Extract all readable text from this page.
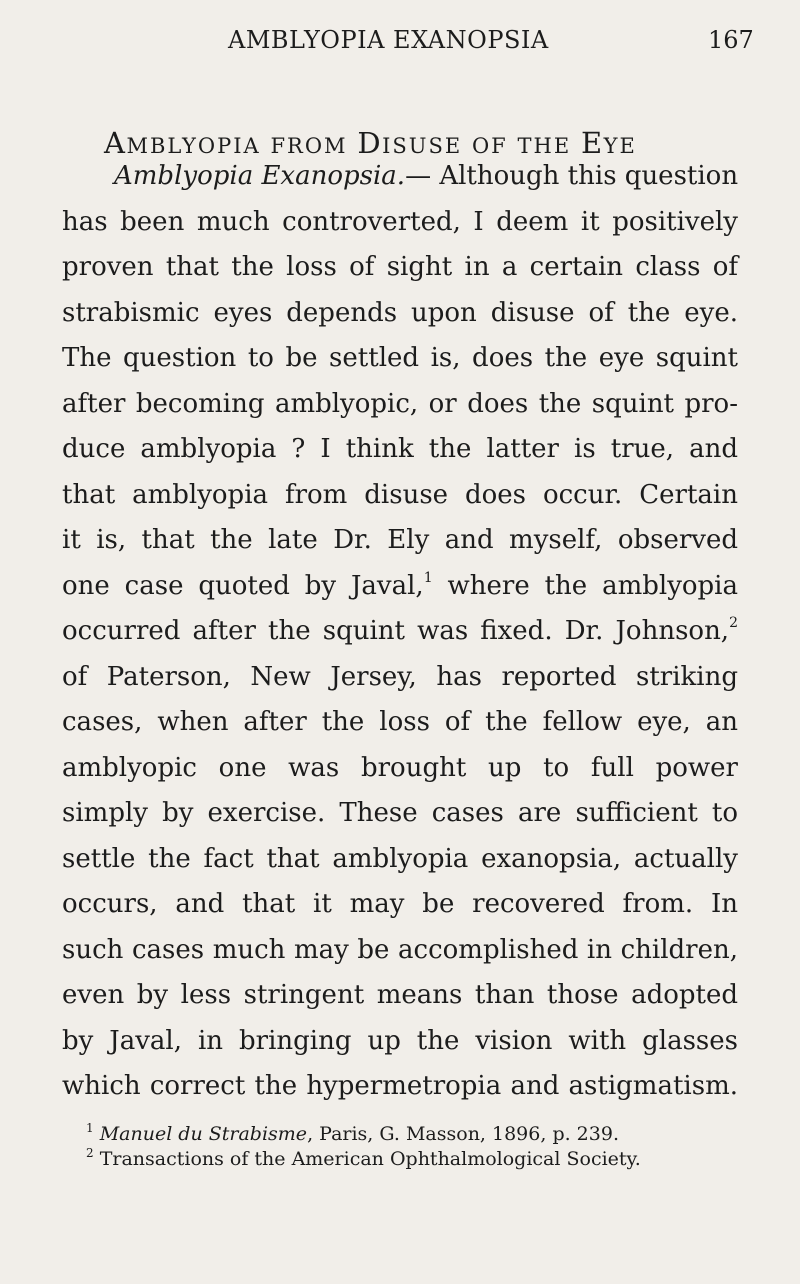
AMBLYOPIA EXANOPSIA	167
AMBLYOPIA FROM DISUSE OF THE EYE
Amblyopia Exanopsia.— Although this question
has been much controverted, I deem it positively
proven that the loss of sight in a certain class of
strabismic eyes depends upon disuse of the eye.
The question to be settled is, does the eye squint
after becoming amblyopic, or does the squint pro-
duce amblyopia ? I think the latter is true, and
that amblyopia from disuse does occur. Certain
it is, that the late Dr. Ely and myself, observed
one case quoted by Javal,$^1$ where the amblyopia
occurred after the squint was fixed. Dr. Johnson,$^2$
of Paterson, New Jersey, has reported striking
cases, when after the loss of the fellow eye, an
amblyopic one was brought up to full power
simply by exercise. These cases are sufficient to
settle the fact that amblyopia exanopsia, actually
occurs, and that it may be recovered from. In
such cases much may be accomplished in children,
even by less stringent means than those adopted
by Javal, in bringing up the vision with glasses
which correct the hypermetropia and astigmatism.
$^1$ Manuel du Strabisme, Paris, G. Masson, 1896, p. 239.
$^2$ Transactions of the American Ophthalmological Society.
